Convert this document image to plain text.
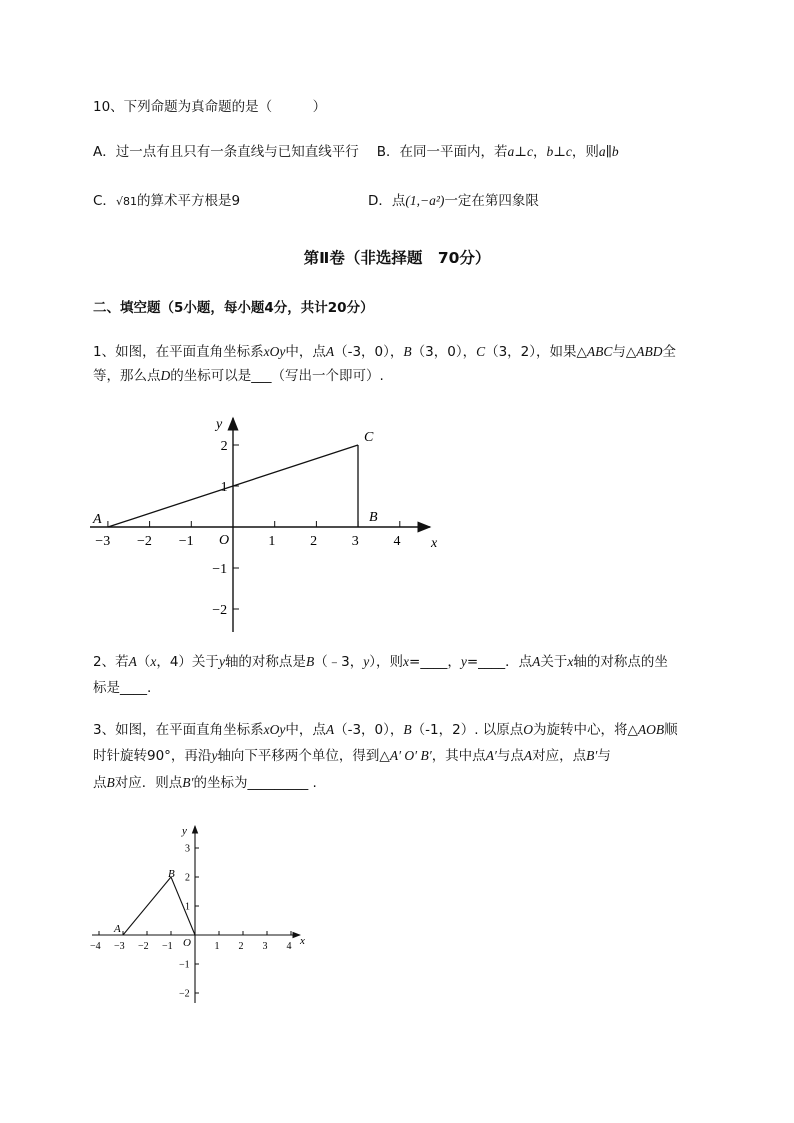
10、下列命题为真命题的是（　　　）
A．过一点有且只有一条直线与已知直线平行 B．在同一平面内，若a⊥c，b⊥c，则a∥b
C．√81的算术平方根是9	D．点(1,−a²)一定在第四象限
第Ⅱ卷（非选择题　70分）
二、填空题（5小题，每小题4分，共计20分）
1、如图，在平面直角坐标系xOy中，点A（-3，0），B（3，0），C（3，2），如果△ABC与△ABD全
等，那么点D的坐标可以是___（写出一个即可）.
−3 −2 −1	1 2 3 4
2
1
−1
−2
x
y
O
A	B
C
2、若A（x，4）关于y轴的对称点是B（﹣3，y），则x=____，y=____．点A关于x轴的对称点的坐
标是____.
3、如图，在平面直角坐标系xOy中，点A（-3，0），B（-1，2）. 以原点O为旋转中心，将△AOB顺
时针旋转90°，再沿y轴向下平移两个单位，得到△A′ O′ B′，其中点A′与点A对应，点B′与
点B对应．则点B′的坐标为_________ .
−4 −3 −2 −1	1 2 3 4
3
2
1
−1
−2
x
y
O
A
B
